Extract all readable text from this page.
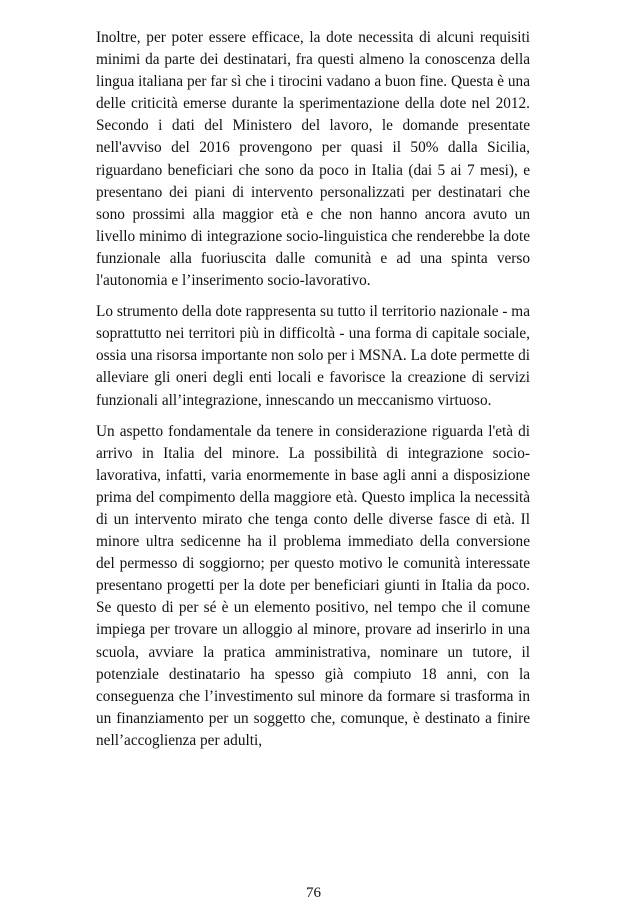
Inoltre, per poter essere efficace, la dote necessita di alcuni requisiti minimi da parte dei destinatari, fra questi almeno la conoscenza della lingua italiana per far sì che i tirocini vadano a buon fine. Questa è una delle criticità emerse durante la sperimentazione della dote nel 2012. Secondo i dati del Ministero del lavoro, le domande presentate nell'avviso del 2016 provengono per quasi il 50% dalla Sicilia, riguardano beneficiari che sono da poco in Italia (dai 5 ai 7 mesi), e presentano dei piani di intervento personalizzati per destinatari che sono prossimi alla maggior età e che non hanno ancora avuto un livello minimo di integrazione socio-linguistica che renderebbe la dote funzionale alla fuoriuscita dalle comunità e ad una spinta verso l'autonomia e l’inserimento socio-lavorativo.

Lo strumento della dote rappresenta su tutto il territorio nazionale - ma soprattutto nei territori più in difficoltà - una forma di capitale sociale, ossia una risorsa importante non solo per i MSNA. La dote permette di alleviare gli oneri degli enti locali e favorisce la creazione di servizi funzionali all’integrazione, innescando un meccanismo virtuoso.

Un aspetto fondamentale da tenere in considerazione riguarda l'età di arrivo in Italia del minore. La possibilità di integrazione socio-lavorativa, infatti, varia enormemente in base agli anni a disposizione prima del compimento della maggiore età. Questo implica la necessità di un intervento mirato che tenga conto delle diverse fasce di età. Il minore ultra sedicenne ha il problema immediato della conversione del permesso di soggiorno; per questo motivo le comunità interessate presentano progetti per la dote per beneficiari giunti in Italia da poco. Se questo di per sé è un elemento positivo, nel tempo che il comune impiega per trovare un alloggio al minore, provare ad inserirlo in una scuola, avviare la pratica amministrativa, nominare un tutore, il potenziale destinatario ha spesso già compiuto 18 anni, con la conseguenza che l’investimento sul minore da formare si trasforma in un finanziamento per un soggetto che, comunque, è destinato a finire nell’accoglienza per adulti,

76
